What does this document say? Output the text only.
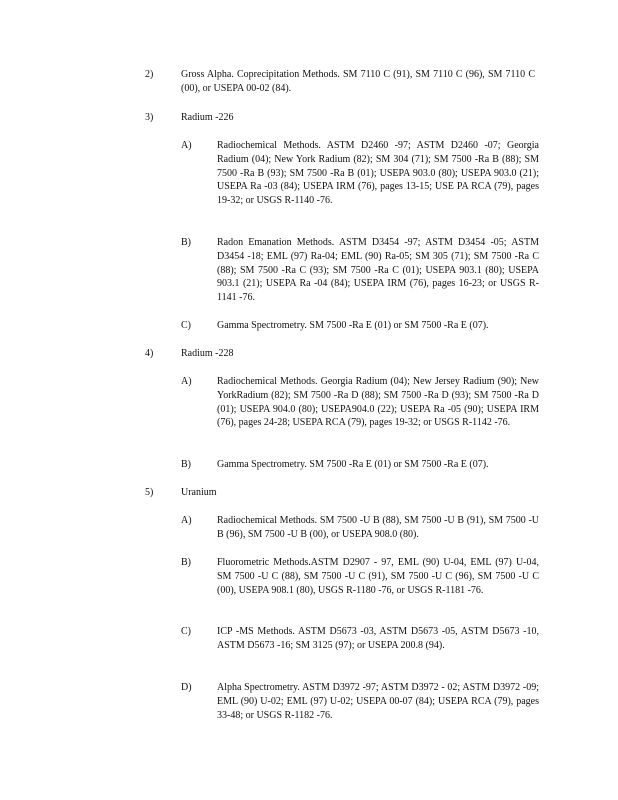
2)	Gross Alpha. Coprecipitation Methods. SM 7110 C (91), SM 7110 C (96), SM 7110 C (00), or USEPA 00-02 (84).
3)	Radium -226
A)	Radiochemical Methods. ASTM D2460 -97; ASTM D2460 -07; Georgia Radium (04); New York Radium (82); SM 304 (71); SM 7500 -Ra B (88); SM 7500 -Ra B (93); SM 7500 -Ra B (01); USEPA 903.0 (80); USEPA 903.0 (21); USEPA Ra -03 (84); USEPA IRM (76), pages 13-15; USE PA RCA (79), pages 19-32; or USGS R-1140 -76.
B)	Radon Emanation Methods. ASTM D3454 -97; ASTM D3454 -05; ASTM D3454 -18; EML (97) Ra-04; EML (90) Ra-05; SM 305 (71); SM 7500 -Ra C (88); SM 7500 -Ra C (93); SM 7500 -Ra C (01); USEPA 903.1 (80); USEPA 903.1 (21); USEPA Ra -04 (84); USEPA IRM (76), pages 16-23; or USGS R-1141 -76.
C)	Gamma Spectrometry. SM 7500 -Ra E (01) or SM 7500 -Ra E (07).
4)	Radium -228
A)	Radiochemical Methods. Georgia Radium (04); New Jersey Radium (90); New YorkRadium (82); SM 7500 -Ra D (88); SM 7500 -Ra D (93); SM 7500 -Ra D (01); USEPA 904.0 (80); USEPA904.0 (22); USEPA Ra -05 (90); USEPA IRM (76), pages 24-28; USEPA RCA (79), pages 19-32; or USGS R-1142 -76.
B)	Gamma Spectrometry. SM 7500 -Ra E (01) or SM 7500 -Ra E (07).
5)	Uranium
A)	Radiochemical Methods. SM 7500 -U B (88), SM 7500 -U B (91), SM 7500 -U B (96), SM 7500 -U B (00), or USEPA 908.0 (80).
B)	Fluorometric Methods.ASTM D2907 - 97, EML (90) U-04, EML (97) U-04, SM 7500 -U C (88), SM 7500 -U C (91), SM 7500 -U C (96), SM 7500 -U C (00), USEPA 908.1 (80), USGS R-1180 -76, or USGS R-1181 -76.
C)	ICP -MS Methods. ASTM D5673 -03, ASTM D5673 -05, ASTM D5673 -10, ASTM D5673 -16; SM 3125 (97); or USEPA 200.8 (94).
D)	Alpha Spectrometry. ASTM D3972 -97; ASTM D3972 - 02; ASTM D3972 -09; EML (90) U-02; EML (97) U-02; USEPA 00-07 (84); USEPA RCA (79), pages 33-48; or USGS R-1182 -76.
